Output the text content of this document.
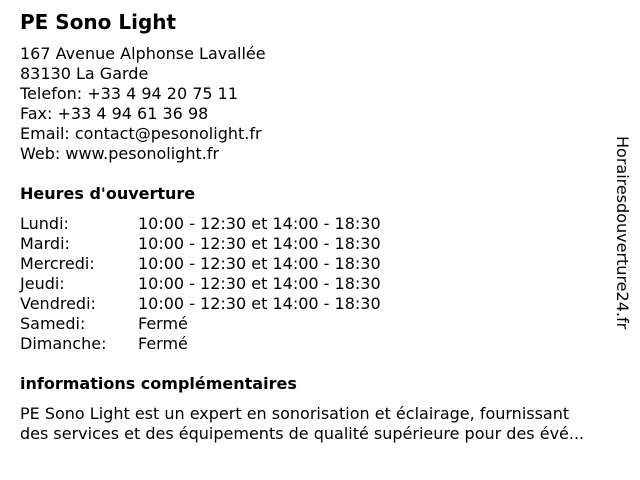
PE Sono Light
167 Avenue Alphonse Lavallée
83130 La Garde
Telefon: +33 4 94 20 75 11
Fax: +33 4 94 61 36 98
Email: contact@pesonolight.fr
Web: www.pesonolight.fr
Heures d'ouverture
Lundi:	10:00 - 12:30 et 14:00 - 18:30
Mardi:	10:00 - 12:30 et 14:00 - 18:30
Mercredi:	10:00 - 12:30 et 14:00 - 18:30
Jeudi:	10:00 - 12:30 et 14:00 - 18:30
Vendredi:	10:00 - 12:30 et 14:00 - 18:30
Samedi:	Fermé
Dimanche: Fermé
informations complémentaires
PE Sono Light est un expert en sonorisation et éclairage, fournissant
des services et des équipements de qualité supérieure pour des évé...
Horairesdouverture24.fr
